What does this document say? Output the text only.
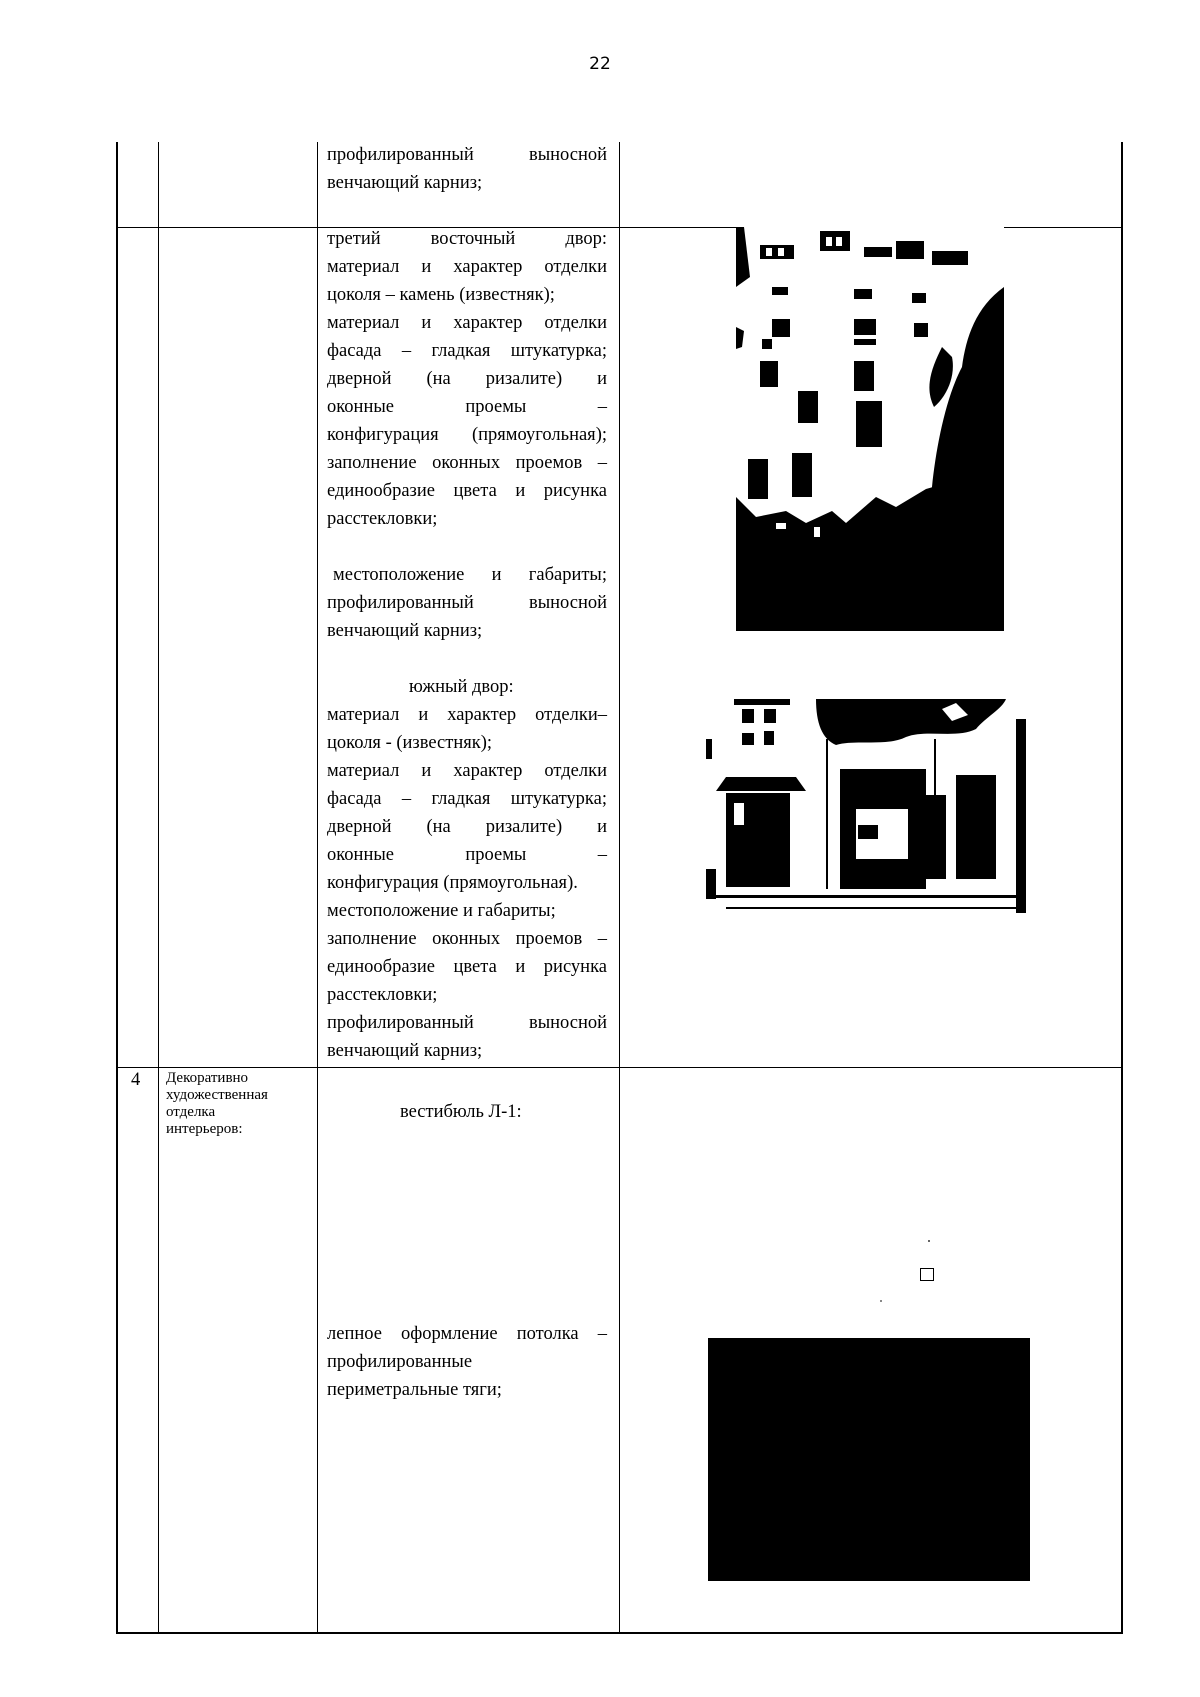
22
профилированный выносной
венчающий карниз;
третий восточный двор:
материал и характер отделки
цоколя – камень (известняк);
материал и характер отделки
фасада – гладкая штукатурка;
дверной (на ризалите) и
оконные проемы –
конфигурация (прямоугольная);
заполнение оконных проемов –
единообразие цвета и рисунка
расстекловки;
местоположение и габариты;
профилированный выносной
венчающий карниз;
южный двор:
материал и характер отделки–
цоколя - (известняк);
материал и характер отделки
фасада – гладкая штукатурка;
дверной (на ризалите) и
оконные проемы –
конфигурация (прямоугольная).
местоположение и габариты;
заполнение оконных проемов –
единообразие цвета и рисунка
расстекловки;
профилированный выносной
венчающий карниз;
4 Декоративно
художественная
отделка
интерьеров:
вестибюль Л-1:
лепное оформление потолка –
профилированные
периметральные тяги;
